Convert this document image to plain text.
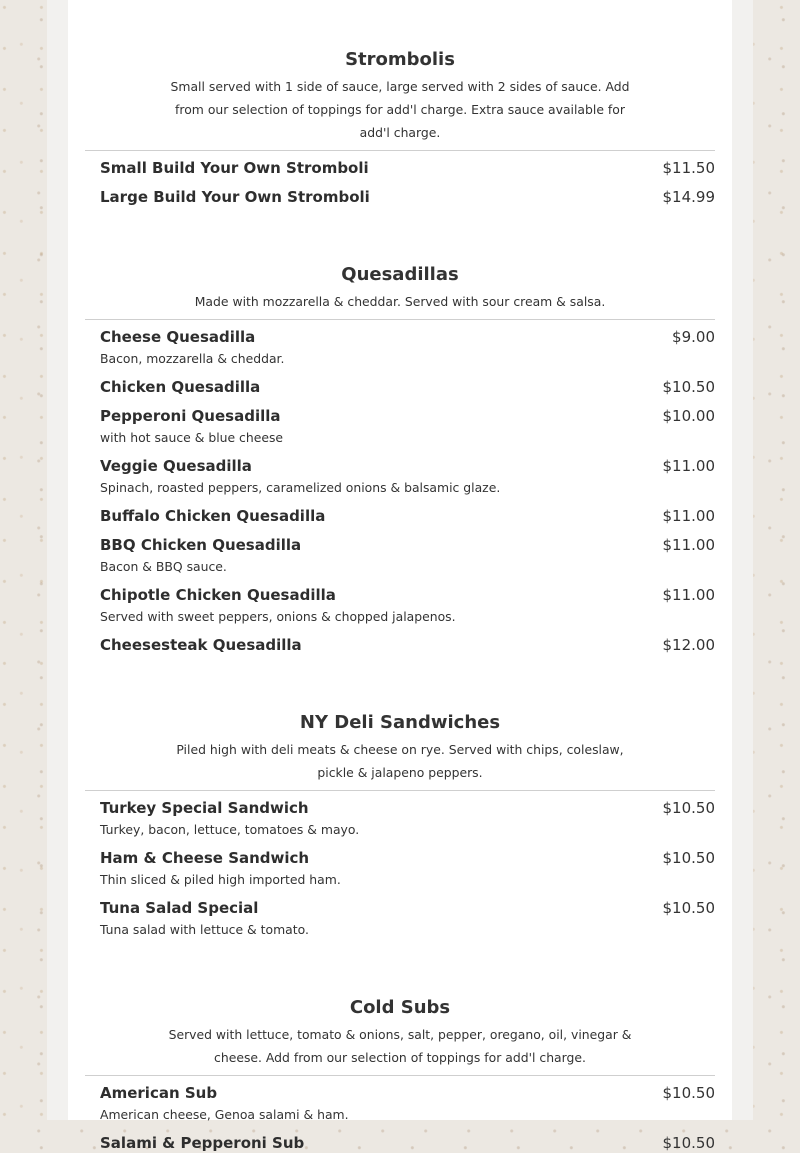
Strombolis

Small served with 1 side of sauce, large served with 2 sides of sauce. Add from our selection of toppings for add'l charge. Extra sauce available for add'l charge.

Small Build Your Own Stromboli	$11.50
Large Build Your Own Stromboli	$14.99
Quesadillas

Made with mozzarella & cheddar. Served with sour cream & salsa.

Cheese Quesadilla	$9.00
Bacon, mozzarella & cheddar.
Chicken Quesadilla	$10.50
Pepperoni Quesadilla	$10.00
with hot sauce & blue cheese
Veggie Quesadilla	$11.00
Spinach, roasted peppers, caramelized onions & balsamic glaze.
Buffalo Chicken Quesadilla	$11.00
BBQ Chicken Quesadilla	$11.00
Bacon & BBQ sauce.
Chipotle Chicken Quesadilla	$11.00
Served with sweet peppers, onions & chopped jalapenos.
Cheesesteak Quesadilla	$12.00
NY Deli Sandwiches

Piled high with deli meats & cheese on rye. Served with chips, coleslaw, pickle & jalapeno peppers.

Turkey Special Sandwich	$10.50
Turkey, bacon, lettuce, tomatoes & mayo.
Ham & Cheese Sandwich	$10.50
Thin sliced & piled high imported ham.
Tuna Salad Special	$10.50
Tuna salad with lettuce & tomato.
Cold Subs

Served with lettuce, tomato & onions, salt, pepper, oregano, oil, vinegar & cheese. Add from our selection of toppings for add'l charge.

American Sub	$10.50
American cheese, Genoa salami & ham.
Salami & Pepperoni Sub	$10.50
